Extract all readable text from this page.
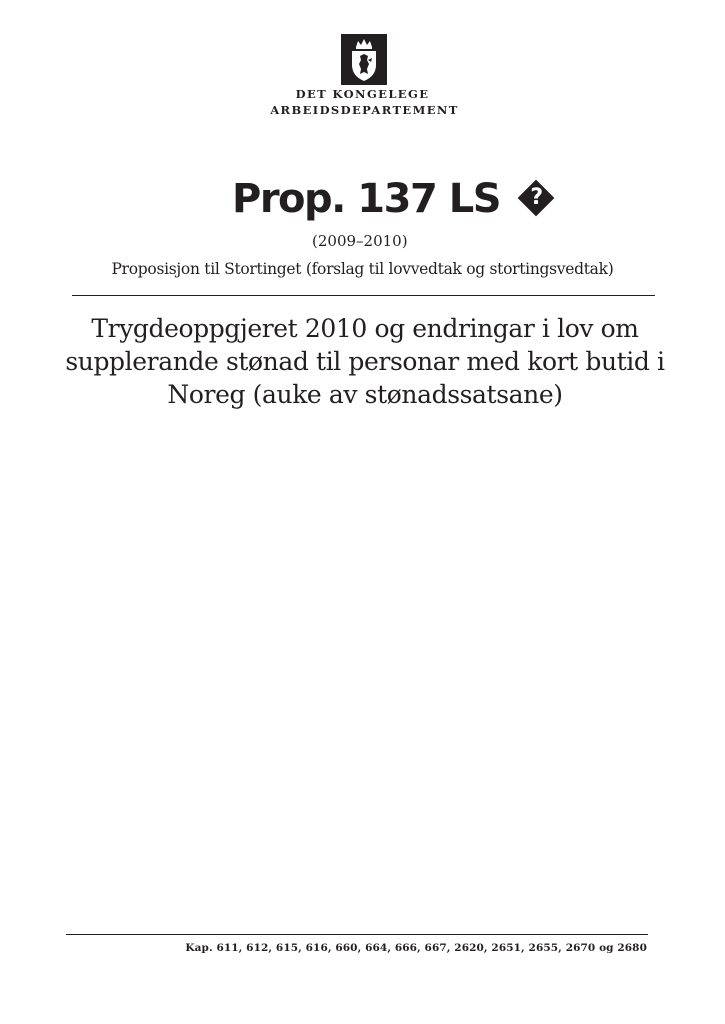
DET KONGELEGE
ARBEIDSDEPARTEMENT
Prop. 137 LS	?
(2009–2010)
Proposisjon til Stortinget (forslag til lovvedtak og stortingsvedtak)
Trygdeoppgjeret 2010 og endringar i lov om supplerande stønad til personar med kort butid i Noreg (auke av stønadssatsane)
Kap. 611, 612, 615, 616, 660, 664, 666, 667, 2620, 2651, 2655, 2670 og 2680
